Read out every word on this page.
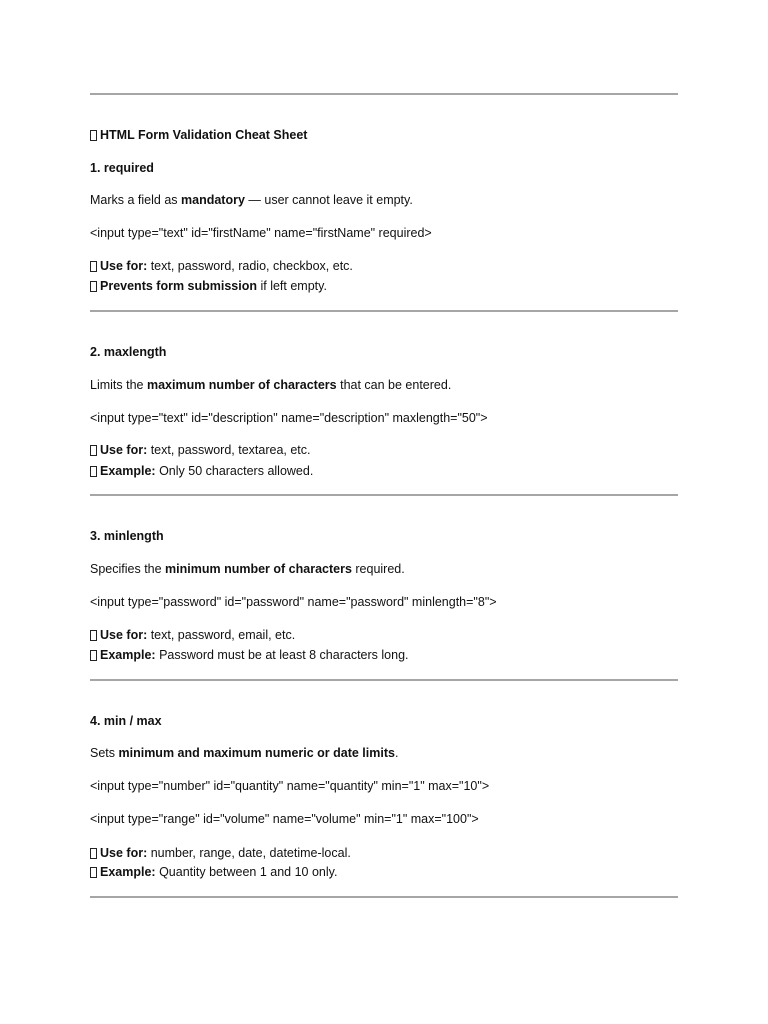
HTML Form Validation Cheat Sheet
1. required
Marks a field as mandatory — user cannot leave it empty.
<input type="text" id="firstName" name="firstName" required>
Use for: text, password, radio, checkbox, etc.
Prevents form submission if left empty.
2. maxlength
Limits the maximum number of characters that can be entered.
<input type="text" id="description" name="description" maxlength="50">
Use for: text, password, textarea, etc.
Example: Only 50 characters allowed.
3. minlength
Specifies the minimum number of characters required.
<input type="password" id="password" name="password" minlength="8">
Use for: text, password, email, etc.
Example: Password must be at least 8 characters long.
4. min / max
Sets minimum and maximum numeric or date limits.
<input type="number" id="quantity" name="quantity" min="1" max="10">
<input type="range" id="volume" name="volume" min="1" max="100">
Use for: number, range, date, datetime-local.
Example: Quantity between 1 and 10 only.
